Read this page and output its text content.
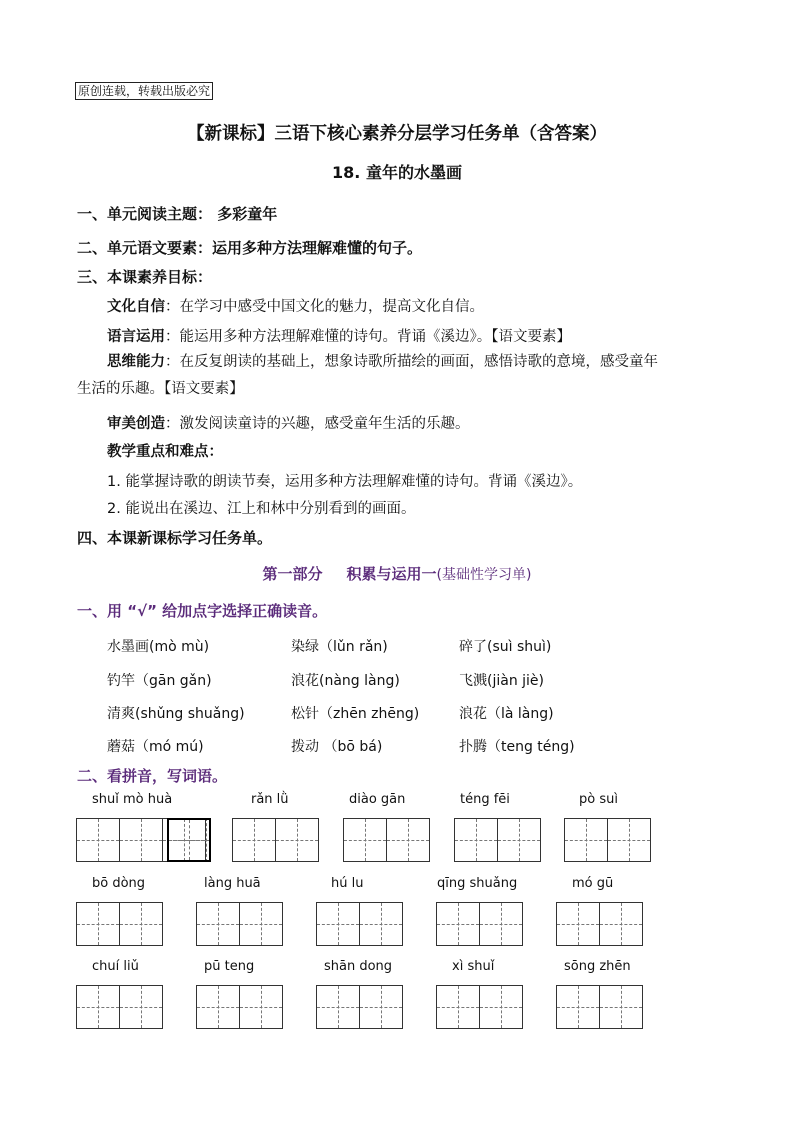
原创连载，转载出版必究
【新课标】三语下核心素养分层学习任务单（含答案）
18. 童年的水墨画
一、单元阅读主题： 多彩童年
二、单元语文要素：运用多种方法理解难懂的句子。
三、本课素养目标：
文化自信：在学习中感受中国文化的魅力，提高文化自信。
语言运用：能运用多种方法理解难懂的诗句。背诵《溪边》。【语文要素】
思维能力：在反复朗读的基础上，想象诗歌所描绘的画面，感悟诗歌的意境，感受童年
生活的乐趣。【语文要素】
审美创造：激发阅读童诗的兴趣，感受童年生活的乐趣。
教学重点和难点：
1. 能掌握诗歌的朗读节奏，运用多种方法理解难懂的诗句。背诵《溪边》。
2. 能说出在溪边、江上和林中分别看到的画面。
四、本课新课标学习任务单。
第一部分 积累与运用一(基础性学习单)
一、用 “√” 给加点字选择正确读音。
水墨画(mò mù)	染绿（lǔn rǎn)	碎了(suì shuì)
钓竿（gān gǎn)	浪花(nàng làng)	飞溅(jiàn jiè)
清爽(shǔng shuǎng)	松针（zhēn zhēng)	浪花（là làng)
蘑菇（mó mú)	拨动 （bō bá)	扑腾（teng téng)
二、看拼音，写词语。
shuǐ mò huà	rǎn lǜ	diào gān	téng fēi	pò suì
bō dòng	làng huā	hú lu	qīng shuǎng	mó gū
chuí liǔ	pū teng	shān dong	xì shuǐ	sōng zhēn
